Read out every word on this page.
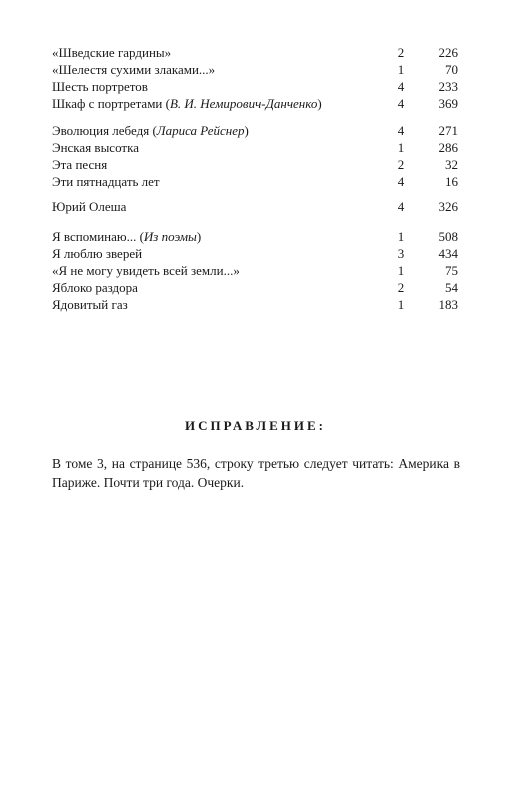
«Шведские гардины»	2	226
«Шелестя сухими злаками...»	1	70
Шесть портретов	4	233
Шкаф с портретами (В. И. Немирович-Данченко)	4	369
Эволюция лебедя (Лариса Рейснер)	4	271
Энская высотка	1	286
Эта песня	2	32
Эти пятнадцать лет	4	16
Юрий Олеша	4	326
Я вспоминаю... (Из поэмы)	1	508
Я люблю зверей	3	434
«Я не могу увидеть всей земли...»	1	75
Яблоко раздора	2	54
Ядовитый газ	1	183
ИСПРАВЛЕНИЕ:
В томе 3, на странице 536, строку третью следует читать: Америка в Париже. Почти три года. Очерки.
